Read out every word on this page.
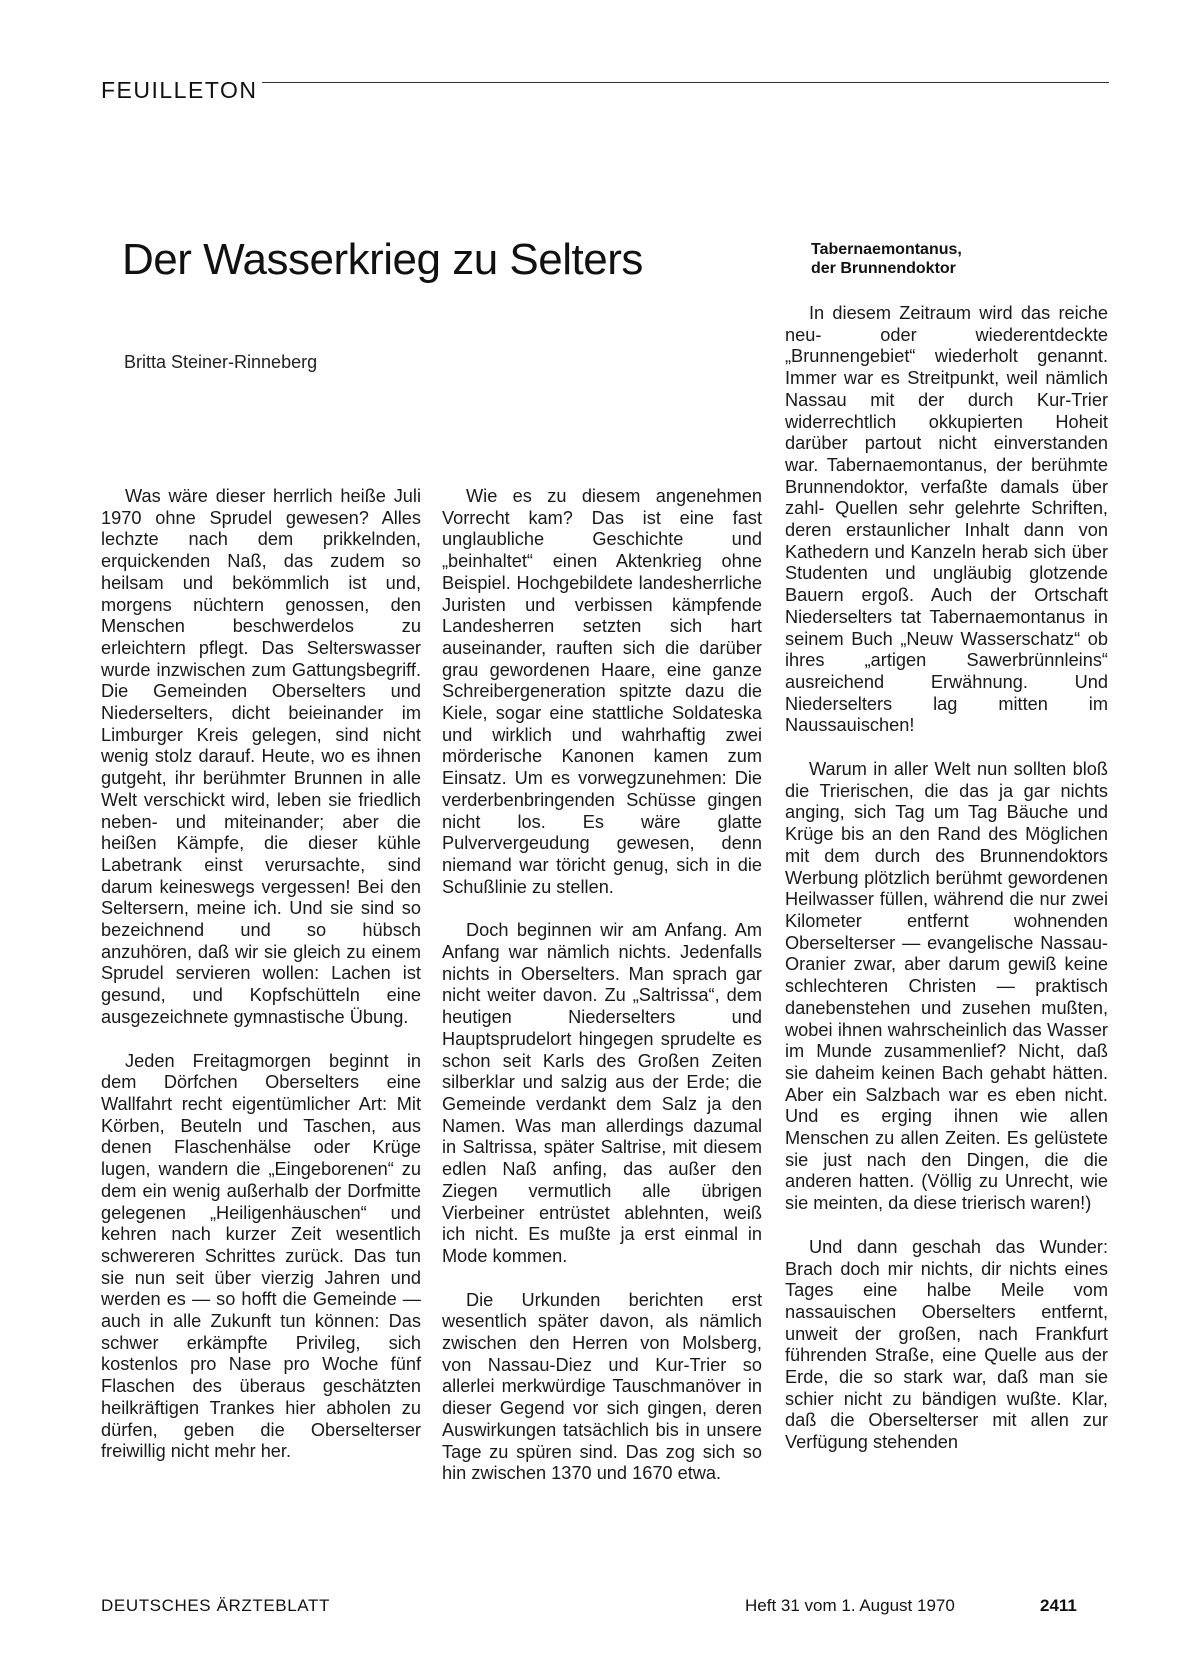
FEUILLETON
Der Wasserkrieg zu Selters
Britta Steiner-Rinneberg

Was wäre dieser herrlich heiße Juli 1970 ohne Sprudel gewesen? Alles lechzte nach dem prikkelnden, erquickenden Naß, das zudem so heilsam und bekömmlich ist und, morgens nüchtern genossen, den Menschen beschwerdelos zu erleichtern pflegt. Das Selterswasser wurde inzwischen zum Gattungsbegriff. Die Gemeinden Oberselters und Niederselters, dicht beieinander im Limburger Kreis gelegen, sind nicht wenig stolz darauf. Heute, wo es ihnen gutgeht, ihr berühmter Brunnen in alle Welt verschickt wird, leben sie friedlich neben- und miteinander; aber die heißen Kämpfe, die dieser kühle Labetrank einst verursachte, sind darum keineswegs vergessen! Bei den Seltersern, meine ich. Und sie sind so bezeichnend und so hübsch anzuhören, daß wir sie gleich zu einem Sprudel servieren wollen: Lachen ist gesund, und Kopfschütteln eine ausgezeichnete gymnastische Übung.

Jeden Freitagmorgen beginnt in dem Dörfchen Oberselters eine Wallfahrt recht eigentümlicher Art: Mit Körben, Beuteln und Taschen, aus denen Flaschenhälse oder Krüge lugen, wandern die „Eingeborenen“ zu dem ein wenig außerhalb der Dorfmitte gelegenen „Heiligenhäuschen“ und kehren nach kurzer Zeit wesentlich schwereren Schrittes zurück. Das tun sie nun seit über vierzig Jahren und werden es — so hofft die Gemeinde — auch in alle Zukunft tun können: Das schwer erkämpfte Privileg, sich kostenlos pro Nase pro Woche fünf Flaschen des überaus geschätzten heilkräftigen Trankes hier abholen zu dürfen, geben die Oberselterser freiwillig nicht mehr her.

Wie es zu diesem angenehmen Vorrecht kam? Das ist eine fast unglaubliche Geschichte und „beinhaltet“ einen Aktenkrieg ohne Beispiel. Hochgebildete landesherrliche Juristen und verbissen kämpfende Landesherren setzten sich hart auseinander, rauften sich die darüber grau gewordenen Haare, eine ganze Schreibergeneration spitzte dazu die Kiele, sogar eine stattliche Soldateska und wirklich und wahrhaftig zwei mörderische Kanonen kamen zum Einsatz. Um es vorwegzunehmen: Die verderbenbringenden Schüsse gingen nicht los. Es wäre glatte Pulververgeudung gewesen, denn niemand war töricht genug, sich in die Schußlinie zu stellen.

Doch beginnen wir am Anfang. Am Anfang war nämlich nichts. Jedenfalls nichts in Oberselters. Man sprach gar nicht weiter davon. Zu „Saltrissa“, dem heutigen Niederselters und Hauptsprudelort hingegen sprudelte es schon seit Karls des Großen Zeiten silberklar und salzig aus der Erde; die Gemeinde verdankt dem Salz ja den Namen. Was man allerdings dazumal in Saltrissa, später Saltrise, mit diesem edlen Naß anfing, das außer den Ziegen vermutlich alle übrigen Vierbeiner entrüstet ablehnten, weiß ich nicht. Es mußte ja erst einmal in Mode kommen.

Die Urkunden berichten erst wesentlich später davon, als nämlich zwischen den Herren von Molsberg, von Nassau-Diez und Kur-Trier so allerlei merkwürdige Tauschmanöver in dieser Gegend vor sich gingen, deren Auswirkungen tatsächlich bis in unsere Tage zu spüren sind. Das zog sich so hin zwischen 1370 und 1670 etwa.

Tabernaemontanus, der Brunnendoktor

In diesem Zeitraum wird das reiche neu- oder wiederentdeckte „Brunnengebiet“ wiederholt genannt. Immer war es Streitpunkt, weil nämlich Nassau mit der durch Kur-Trier widerrechtlich okkupierten Hoheit darüber partout nicht einverstanden war. Tabernaemontanus, der berühmte Brunnendoktor, verfaßte damals über zahl- Quellen sehr gelehrte Schriften, deren erstaunlicher Inhalt dann von Kathedern und Kanzeln herab sich über Studenten und ungläubig glotzende Bauern ergoß. Auch der Ortschaft Niederselters tat Tabernaemontanus in seinem Buch „Neuw Wasserschatz“ ob ihres „artigen Sawerbrünnleins“ ausreichend Erwähnung. Und Niederselters lag mitten im Naussauischen!

Warum in aller Welt nun sollten bloß die Trierischen, die das ja gar nichts anging, sich Tag um Tag Bäuche und Krüge bis an den Rand des Möglichen mit dem durch des Brunnendoktors Werbung plötzlich berühmt gewordenen Heilwasser füllen, während die nur zwei Kilometer entfernt wohnenden Oberselterser — evangelische Nassau-Oranier zwar, aber darum gewiß keine schlechteren Christen — praktisch danebenstehen und zusehen mußten, wobei ihnen wahrscheinlich das Wasser im Munde zusammenlief? Nicht, daß sie daheim keinen Bach gehabt hätten. Aber ein Salzbach war es eben nicht. Und es erging ihnen wie allen Menschen zu allen Zeiten. Es gelüstete sie just nach den Dingen, die die anderen hatten. (Völlig zu Unrecht, wie sie meinten, da diese trierisch waren!)

Und dann geschah das Wunder: Brach doch mir nichts, dir nichts eines Tages eine halbe Meile vom nassauischen Oberselters entfernt, unweit der großen, nach Frankfurt führenden Straße, eine Quelle aus der Erde, die so stark war, daß man sie schier nicht zu bändigen wußte. Klar, daß die Oberselterser mit allen zur Verfügung stehenden

DEUTSCHES ÄRZTEBLATT	Heft 31 vom 1. August 1970	2411
